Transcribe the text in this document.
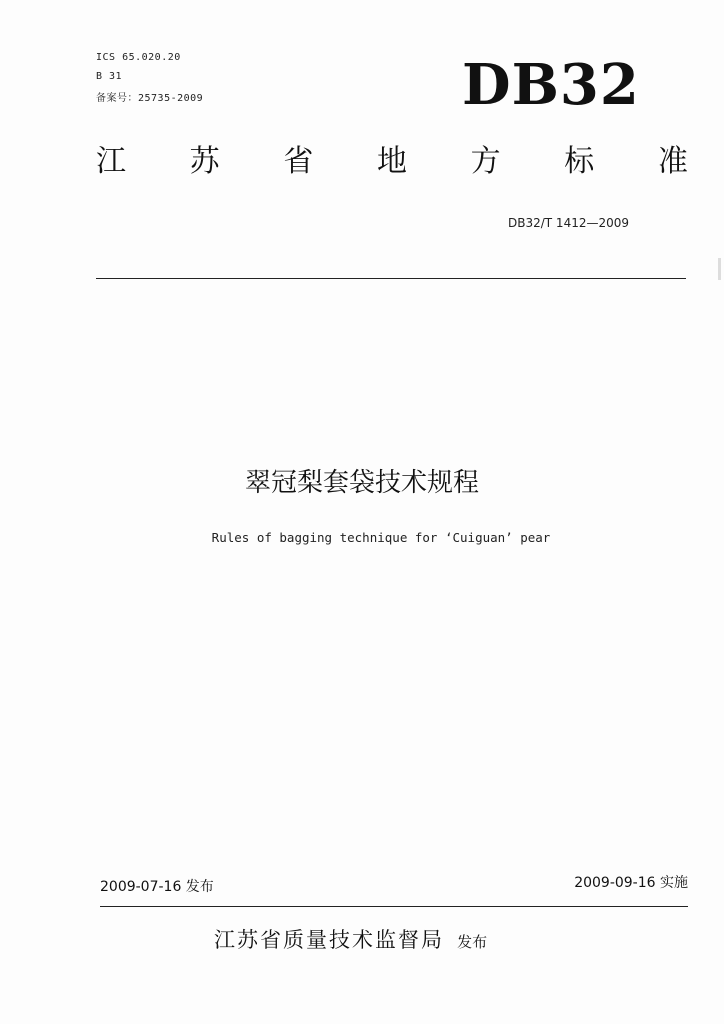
ICS 65.020.20
B 31
备案号：25735-2009	DB32
江 苏 省 地 方 标 准
DB32/T 1412—2009
翠冠梨套袋技术规程
Rules of bagging technique for ‘Cuiguan’ pear
2009-07-16 发布	2009-09-16 实施
江苏省质量技术监督局 发布
